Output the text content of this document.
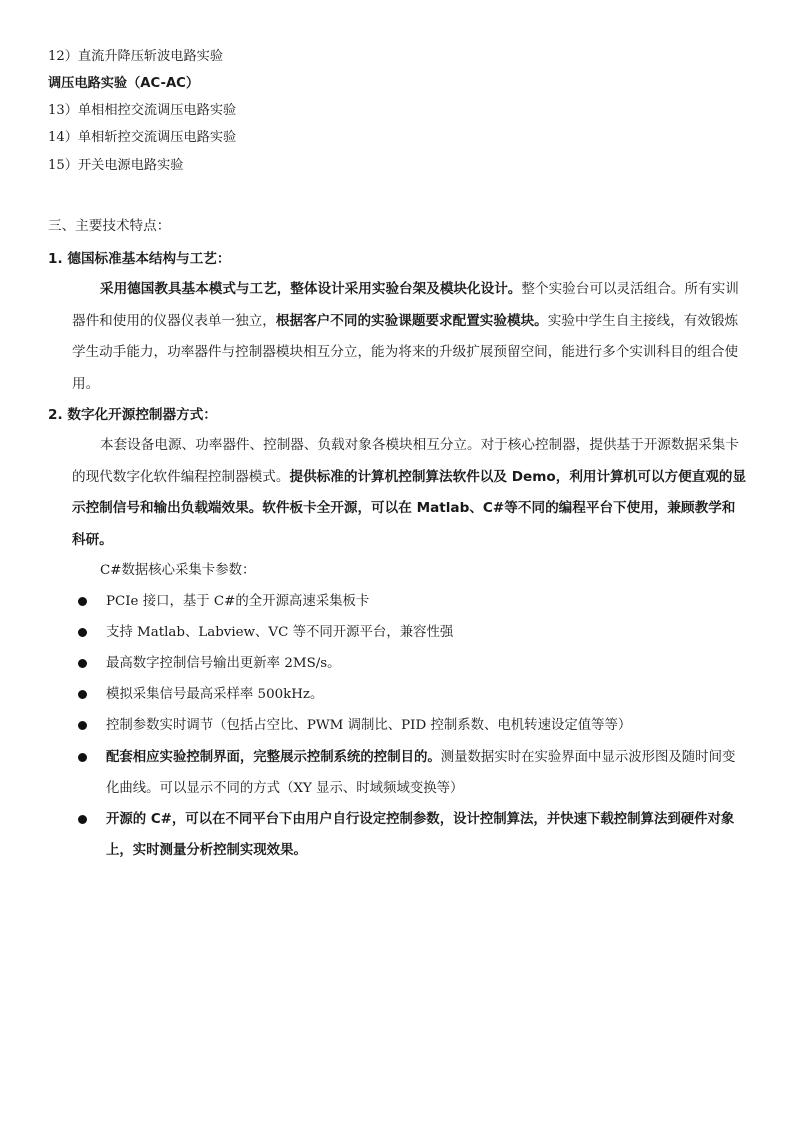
12）直流升降压斩波电路实验
调压电路实验（AC-AC）
13）单相相控交流调压电路实验
14）单相斩控交流调压电路实验
15）开关电源电路实验
三、主要技术特点：
1. 德国标准基本结构与工艺：

采用德国教具基本模式与工艺，整体设计采用实验台架及模块化设计。整个实验台可以灵活组合。所有实训器件和使用的仪器仪表单一独立，根据客户不同的实验课题要求配置实验模块。实验中学生自主接线，有效锻炼学生动手能力，功率器件与控制器模块相互分立，能为将来的升级扩展预留空间，能进行多个实训科目的组合使用。

2. 数字化开源控制器方式：

本套设备电源、功率器件、控制器、负载对象各模块相互分立。对于核心控制器，提供基于开源数据采集卡的现代数字化软件编程控制器模式。提供标准的计算机控制算法软件以及 Demo，利用计算机可以方便直观的显示控制信号和输出负载端效果。软件板卡全开源，可以在 Matlab、C#等不同的编程平台下使用，兼顾教学和科研。

C#数据核心采集卡参数：
PCIe 接口，基于 C#的全开源高速采集板卡
支持 Matlab、Labview、VC 等不同开源平台，兼容性强
最高数字控制信号输出更新率 2MS/s。
模拟采集信号最高采样率 500kHz。
控制参数实时调节（包括占空比、PWM 调制比、PID 控制系数、电机转速设定值等等）
配套相应实验控制界面，完整展示控制系统的控制目的。测量数据实时在实验界面中显示波形图及随时间变化曲线。可以显示不同的方式（XY 显示、时域频域变换等）
开源的 C#，可以在不同平台下由用户自行设定控制参数，设计控制算法，并快速下载控制算法到硬件对象上，实时测量分析控制实现效果。
